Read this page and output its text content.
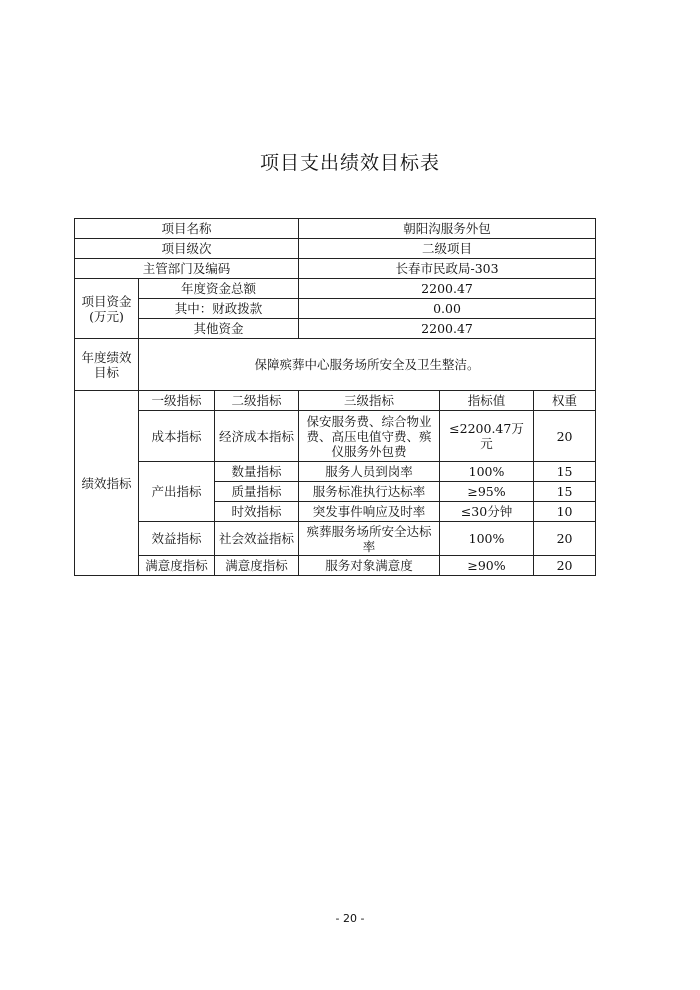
项目支出绩效目标表
项目名称			朝阳沟服务外包		
项目级次			二级项目		
主管部门及编码			长春市民政局-303		
项目资金(万元)	年度资金总额		2200.47		
	其中：财政拨款		0.00		
	其他资金		2200.47		
年度绩效目标	保障殡葬中心服务场所安全及卫生整洁。				
绩效指标	一级指标	二级指标	三级指标	指标值	权重
	成本指标	经济成本指标	保安服务费、综合物业费、高压电值守费、殡仪服务外包费	≤2200.47万元	20
	产出指标	数量指标	服务人员到岗率	100%	15
		质量指标	服务标准执行达标率	≥95%	15
		时效指标	突发事件响应及时率	≤30分钟	10
	效益指标	社会效益指标	殡葬服务场所安全达标率	100%	20
	满意度指标	满意度指标	服务对象满意度	≥90%	20
- 20 -
